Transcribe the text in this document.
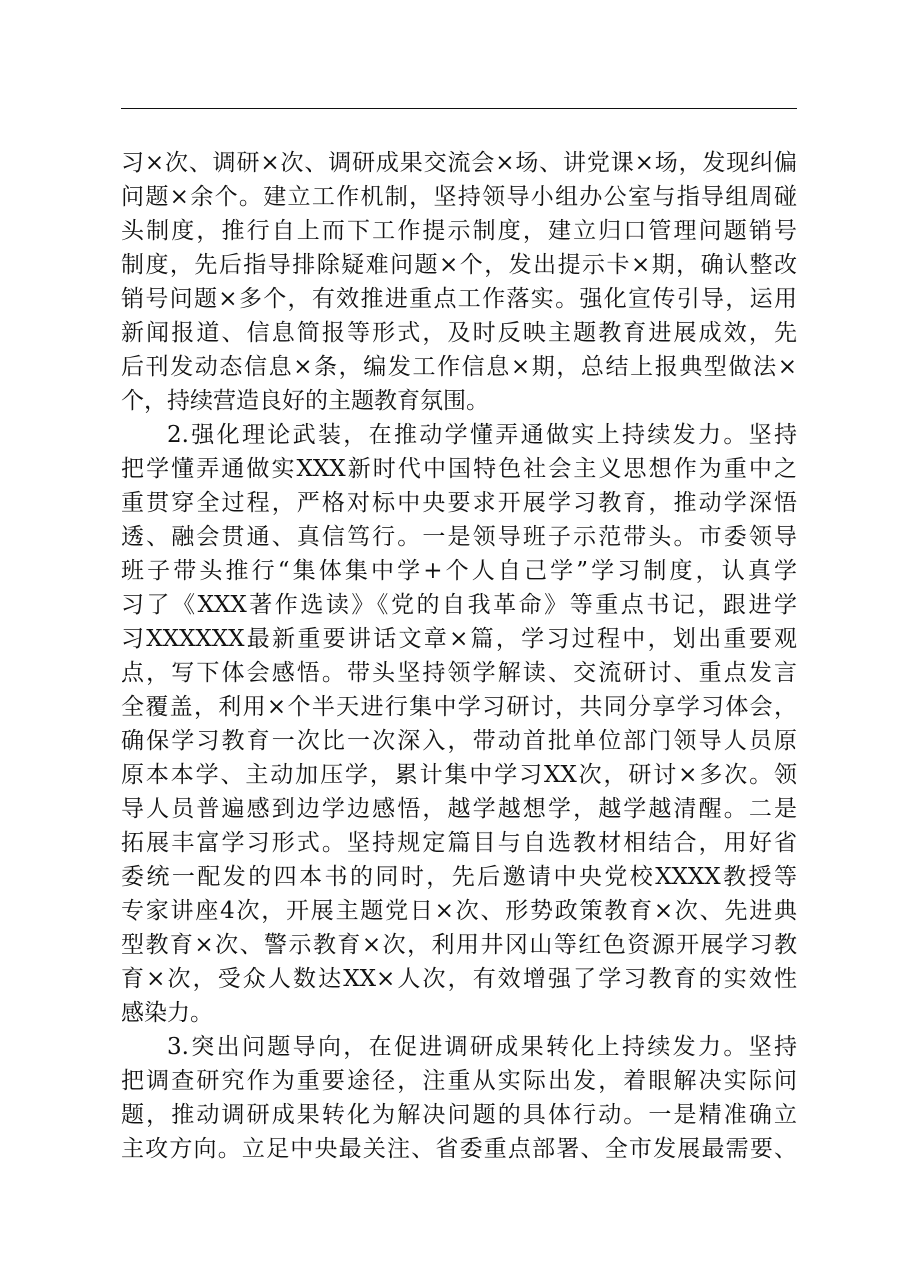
习×次、调研×次、调研成果交流会×场、讲党课×场，发现纠偏
问题×余个。建立工作机制，坚持领导小组办公室与指导组周碰
头制度，推行自上而下工作提示制度，建立归口管理问题销号
制度，先后指导排除疑难问题×个，发出提示卡×期，确认整改
销号问题×多个，有效推进重点工作落实。强化宣传引导，运用
新闻报道、信息简报等形式，及时反映主题教育进展成效，先
后刊发动态信息×条，编发工作信息×期，总结上报典型做法×
个，持续营造良好的主题教育氛围。
2.强化理论武装，在推动学懂弄通做实上持续发力。坚持
把学懂弄通做实XXX新时代中国特色社会主义思想作为重中之
重贯穿全过程，严格对标中央要求开展学习教育，推动学深悟
透、融会贯通、真信笃行。一是领导班子示范带头。市委领导
班子带头推行“集体集中学+个人自己学”学习制度，认真学
习了《XXX著作选读》《党的自我革命》等重点书记，跟进学
习XXXXXX最新重要讲话文章×篇，学习过程中，划出重要观
点，写下体会感悟。带头坚持领学解读、交流研讨、重点发言
全覆盖，利用×个半天进行集中学习研讨，共同分享学习体会，
确保学习教育一次比一次深入，带动首批单位部门领导人员原
原本本学、主动加压学，累计集中学习XX次，研讨×多次。领
导人员普遍感到边学边感悟，越学越想学，越学越清醒。二是
拓展丰富学习形式。坚持规定篇目与自选教材相结合，用好省
委统一配发的四本书的同时，先后邀请中央党校XXXX教授等
专家讲座4次，开展主题党日×次、形势政策教育×次、先进典
型教育×次、警示教育×次，利用井冈山等红色资源开展学习教
育×次，受众人数达XX×人次，有效增强了学习教育的实效性
感染力。
3.突出问题导向，在促进调研成果转化上持续发力。坚持
把调查研究作为重要途径，注重从实际出发，着眼解决实际问
题，推动调研成果转化为解决问题的具体行动。一是精准确立
主攻方向。立足中央最关注、省委重点部署、全市发展最需要、
